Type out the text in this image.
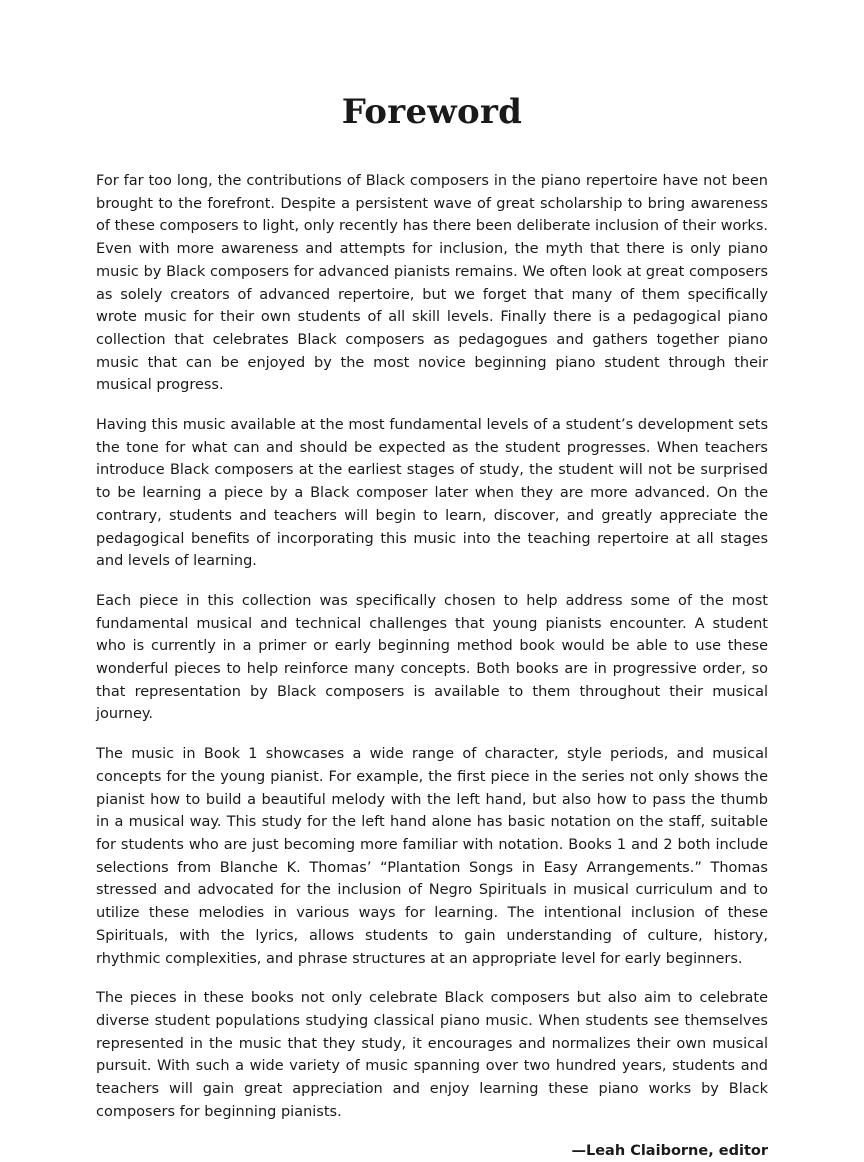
Foreword

For far too long, the contributions of Black composers in the piano repertoire have not been brought to the forefront. Despite a persistent wave of great scholarship to bring awareness of these composers to light, only recently has there been deliberate inclusion of their works. Even with more awareness and attempts for inclusion, the myth that there is only piano music by Black composers for advanced pianists remains. We often look at great composers as solely creators of advanced repertoire, but we forget that many of them specifically wrote music for their own students of all skill levels. Finally there is a pedagogical piano collection that celebrates Black composers as pedagogues and gathers together piano music that can be enjoyed by the most novice beginning piano student through their musical progress.

Having this music available at the most fundamental levels of a student’s development sets the tone for what can and should be expected as the student progresses. When teachers introduce Black composers at the earliest stages of study, the student will not be surprised to be learning a piece by a Black composer later when they are more advanced. On the contrary, students and teachers will begin to learn, discover, and greatly appreciate the pedagogical benefits of incorporating this music into the teaching repertoire at all stages and levels of learning.

Each piece in this collection was specifically chosen to help address some of the most fundamental musical and technical challenges that young pianists encounter. A student who is currently in a primer or early beginning method book would be able to use these wonderful pieces to help reinforce many concepts. Both books are in progressive order, so that representation by Black composers is available to them throughout their musical journey.

The music in Book 1 showcases a wide range of character, style periods, and musical concepts for the young pianist. For example, the first piece in the series not only shows the pianist how to build a beautiful melody with the left hand, but also how to pass the thumb in a musical way. This study for the left hand alone has basic notation on the staff, suitable for students who are just becoming more familiar with notation. Books 1 and 2 both include selections from Blanche K. Thomas’ “Plantation Songs in Easy Arrangements.” Thomas stressed and advocated for the inclusion of Negro Spirituals in musical curriculum and to utilize these melodies in various ways for learning. The intentional inclusion of these Spirituals, with the lyrics, allows students to gain understanding of culture, history, rhythmic complexities, and phrase structures at an appropriate level for early beginners.

The pieces in these books not only celebrate Black composers but also aim to celebrate diverse student populations studying classical piano music. When students see themselves represented in the music that they study, it encourages and normalizes their own musical pursuit. With such a wide variety of music spanning over two hundred years, students and teachers will gain great appreciation and enjoy learning these piano works by Black composers for beginning pianists.

—Leah Claiborne, editor
